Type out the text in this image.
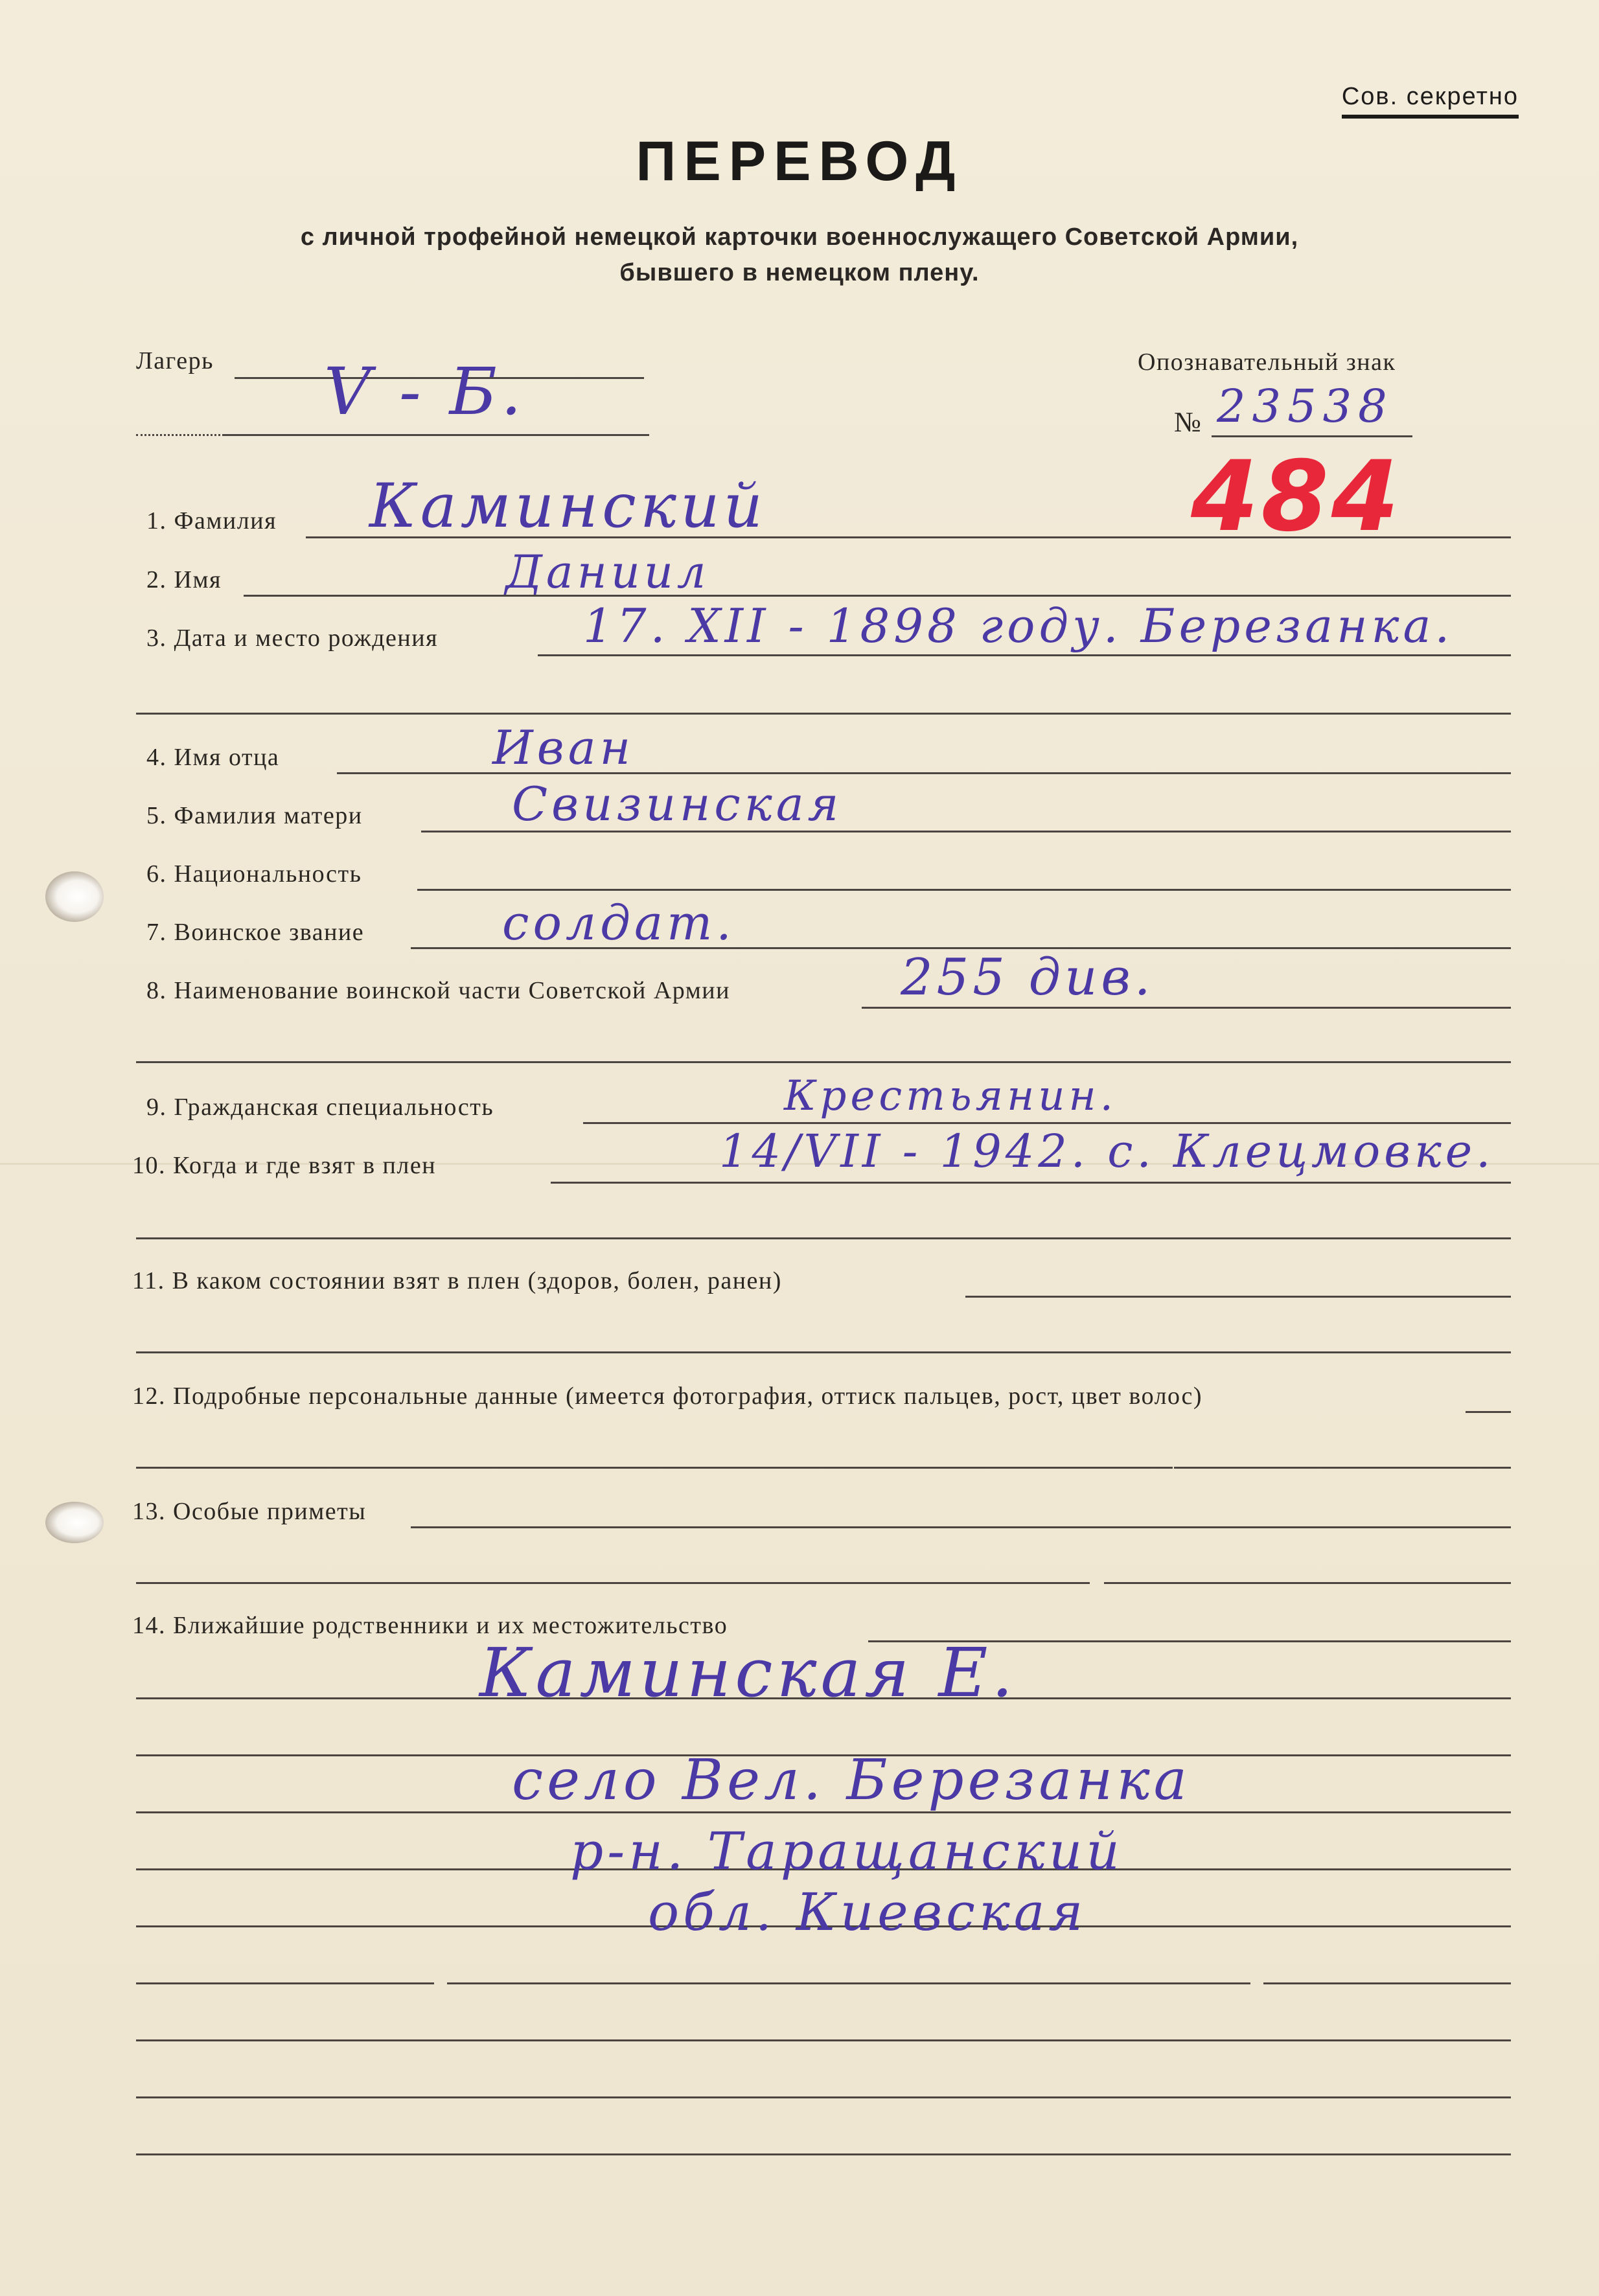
Сов. секретно
ПЕРЕВОД
с личной трофейной немецкой карточки военнослужащего Советской Армии,
бывшего в немецком плену.
Лагерь V - Б.	Опознавательный знак
№ 23538
484
1. Фамилия Каминский
2. Имя	Даниил
3. Дата и место рождения	17. XII - 1898 году. Березанка.
4. Имя отца	Иван
5. Фамилия матери	Свизинская
6. Национальность
7. Воинское звание	солдат.
8. Наименование воинской части Советской Армии	255 див.
9. Гражданская специальность	Крестьянин.
10. Когда и где взят в плен	14/VII - 1942. с. Клецмовке.
11. В каком состоянии взят в плен (здоров, болен, ранен)
12. Подробные персональные данные (имеется фотография, оттиск пальцев, рост, цвет волос)
13. Особые приметы
14. Ближайшие родственники и их местожительство
Каминская Е.
село Вел. Березанка
р-н. Таращанский
обл. Киевская
